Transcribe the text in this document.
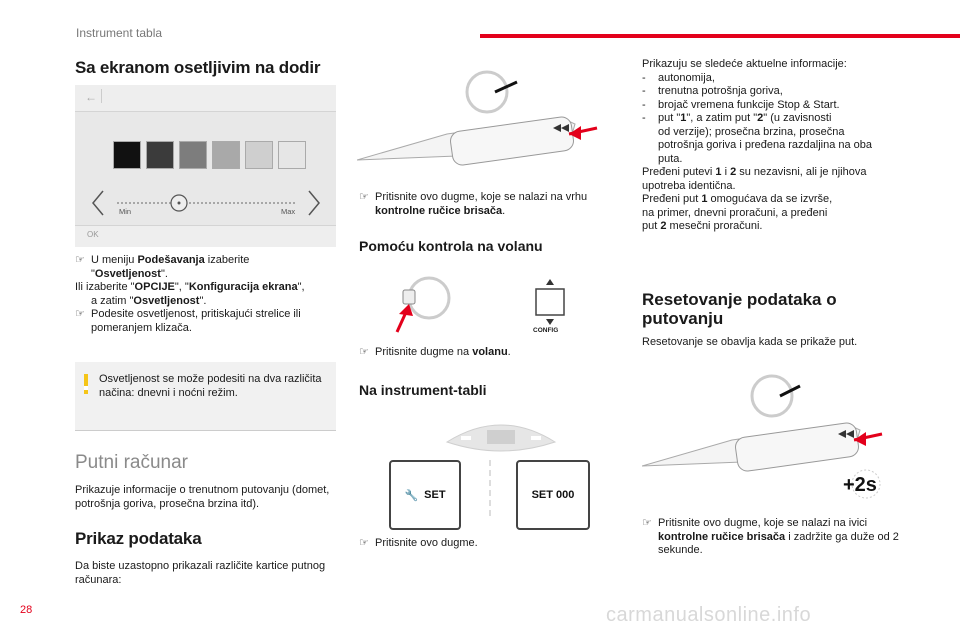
Instrument tabla
Sa ekranom osetljivim na dodir
←
Min	Max
OK
☞ U meniju Podešavanja izaberite
"Osvetljenost".
Ili izaberite "OPCIJE", "Konfiguracija ekrana",
a zatim "Osvetljenost".
☞ Podesite osvetljenost, pritiskajući strelice ili pomeranjem klizača.
Osvetljenost se može podesiti na dva različita načina: dnevni i noćni režim.
Putni računar
Prikazuje informacije o trenutnom putovanju (domet, potrošnja goriva, prosečna brzina itd).
Prikaz podataka
Da biste uzastopno prikazali različite kartice putnog računara:
☞ Pritisnite ovo dugme, koje se nalazi na vrhu kontrolne ručice brisača.
Pomoću kontrola na volanu
CONFIG
☞ Pritisnite dugme na volanu.
Na instrument-tabli
🔧 SET	SET 000
☞ Pritisnite ovo dugme.
Prikazuju se sledeće aktuelne informacije:
-	autonomija,
-	trenutna potrošnja goriva,
-	brojač vremena funkcije Stop & Start.
-	put "1", a zatim put "2" (u zavisnosti
od verzije); prosečna brzina, prosečna
potrošnja goriva i pređena razdaljina na oba
puta.
Pređeni putevi 1 i 2 su nezavisni, ali je njihova
upotreba identična.
Pređeni put 1 omogućava da se izvrše,
na primer, dnevni proračuni, a pređeni
put 2 mesečni proračuni.
Resetovanje podataka o
putovanju
Resetovanje se obavlja kada se prikaže put.
+2s
☞ Pritisnite ovo dugme, koje se nalazi na ivici kontrolne ručice brisača i zadržite ga duže od 2 sekunde.
28	carmanualsonline.info
